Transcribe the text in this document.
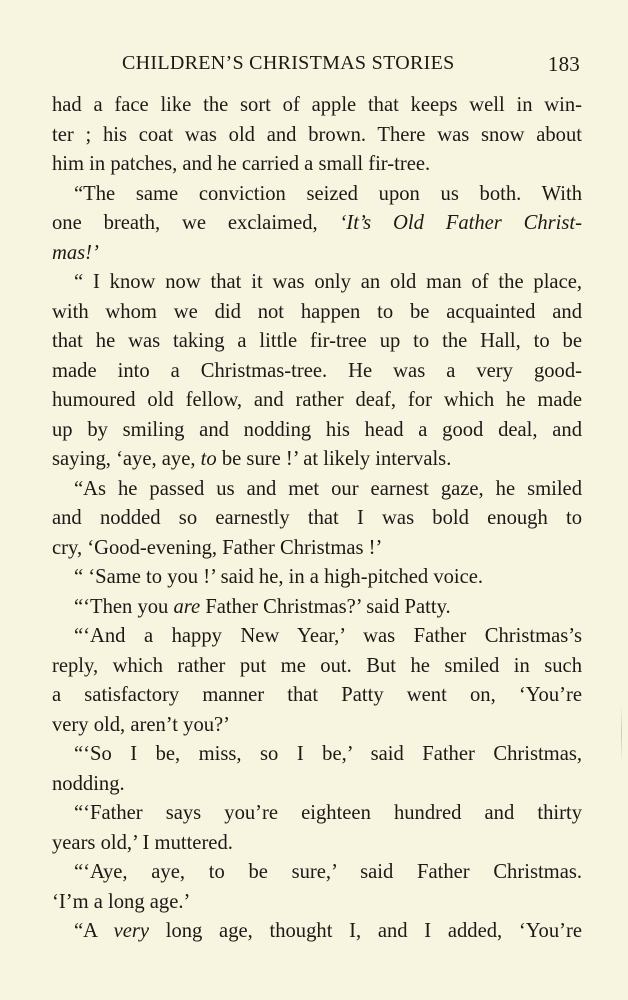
CHILDREN’S CHRISTMAS STORIES	183
had a face like the sort of apple that keeps well in win-
ter ; his coat was old and brown. There was snow about
him in patches, and he carried a small fir-tree.
“The same conviction seized upon us both. With
one breath, we exclaimed, ‘It’s Old Father Christ-
mas!’
“ I know now that it was only an old man of the place,
with whom we did not happen to be acquainted and
that he was taking a little fir-tree up to the Hall, to be
made into a Christmas-tree. He was a very good-
humoured old fellow, and rather deaf, for which he made
up by smiling and nodding his head a good deal, and
saying, ‘aye, aye, to be sure !’ at likely intervals.
“As he passed us and met our earnest gaze, he smiled
and nodded so earnestly that I was bold enough to
cry, ‘Good-evening, Father Christmas !’
“ ‘Same to you !’ said he, in a high-pitched voice.
“‘Then you are Father Christmas?’ said Patty.
“‘And a happy New Year,’ was Father Christmas’s
reply, which rather put me out. But he smiled in such
a satisfactory manner that Patty went on, ‘You’re
very old, aren’t you?’
“‘So I be, miss, so I be,’ said Father Christmas,
nodding.
“‘Father says you’re eighteen hundred and thirty
years old,’ I muttered.
“‘Aye, aye, to be sure,’ said Father Christmas.
‘I’m a long age.’
“A very long age, thought I, and I added, ‘You’re
